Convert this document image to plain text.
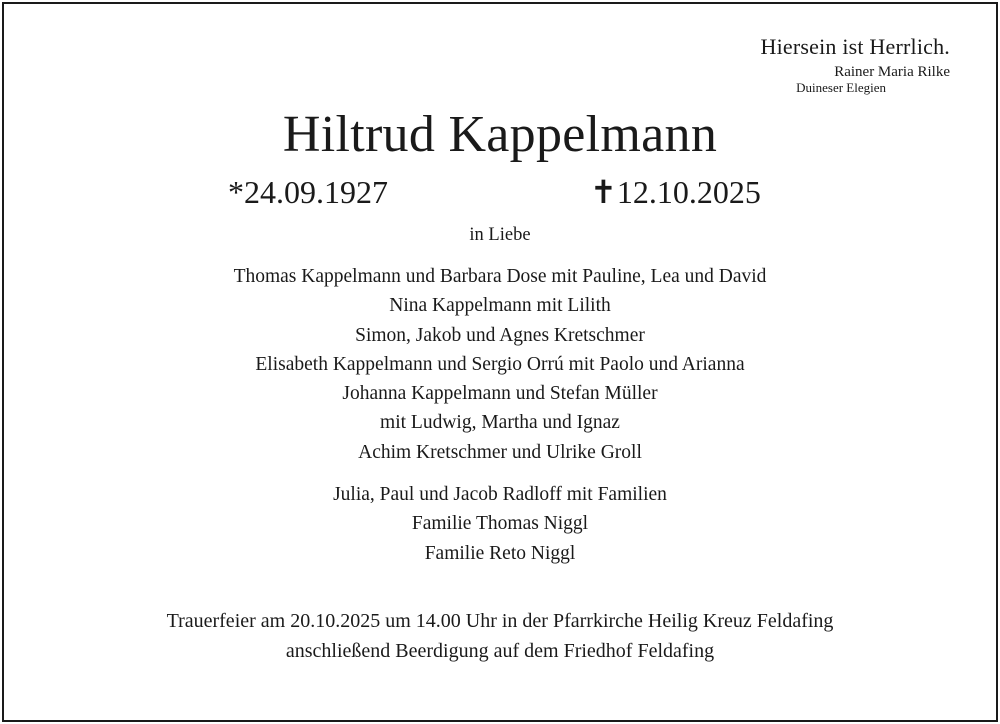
Hiersein ist Herrlich.
Rainer Maria Rilke
Duineser Elegien
Hiltrud Kappelmann
*24.09.1927	✝12.10.2025
in Liebe
Thomas Kappelmann und Barbara Dose mit Pauline, Lea und David
Nina Kappelmann mit Lilith
Simon, Jakob und Agnes Kretschmer
Elisabeth Kappelmann und Sergio Orrú mit Paolo und Arianna
Johanna Kappelmann und Stefan Müller
mit Ludwig, Martha und Ignaz
Achim Kretschmer und Ulrike Groll
Julia, Paul und Jacob Radloff mit Familien
Familie Thomas Niggl
Familie Reto Niggl
Trauerfeier am 20.10.2025 um 14.00 Uhr in der Pfarrkirche Heilig Kreuz Feldafing
anschließend Beerdigung auf dem Friedhof Feldafing
